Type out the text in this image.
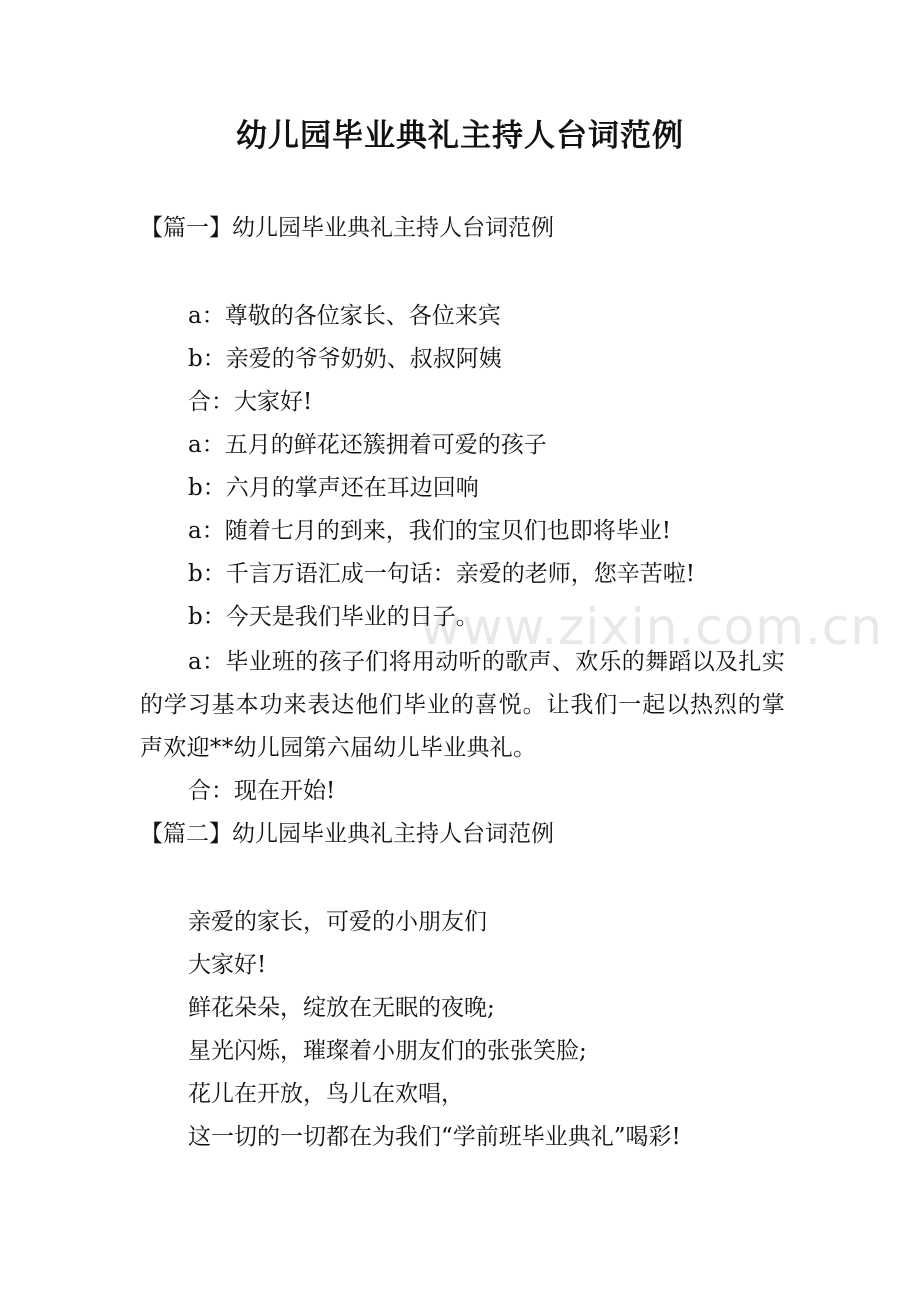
www.zixin.com.cn
幼儿园毕业典礼主持人台词范例
【篇一】幼儿园毕业典礼主持人台词范例
a：尊敬的各位家长、各位来宾
b：亲爱的爷爷奶奶、叔叔阿姨
合：大家好!
a：五月的鲜花还簇拥着可爱的孩子
b：六月的掌声还在耳边回响
a：随着七月的到来，我们的宝贝们也即将毕业!
b：千言万语汇成一句话：亲爱的老师，您辛苦啦!
b：今天是我们毕业的日子。
a：毕业班的孩子们将用动听的歌声、欢乐的舞蹈以及扎实的学习基本功来表达他们毕业的喜悦。让我们一起以热烈的掌声欢迎**幼儿园第六届幼儿毕业典礼。
合：现在开始!
【篇二】幼儿园毕业典礼主持人台词范例
亲爱的家长，可爱的小朋友们
大家好!
鲜花朵朵，绽放在无眠的夜晚;
星光闪烁，璀璨着小朋友们的张张笑脸;
花儿在开放，鸟儿在欢唱，
这一切的一切都在为我们“学前班毕业典礼”喝彩!
